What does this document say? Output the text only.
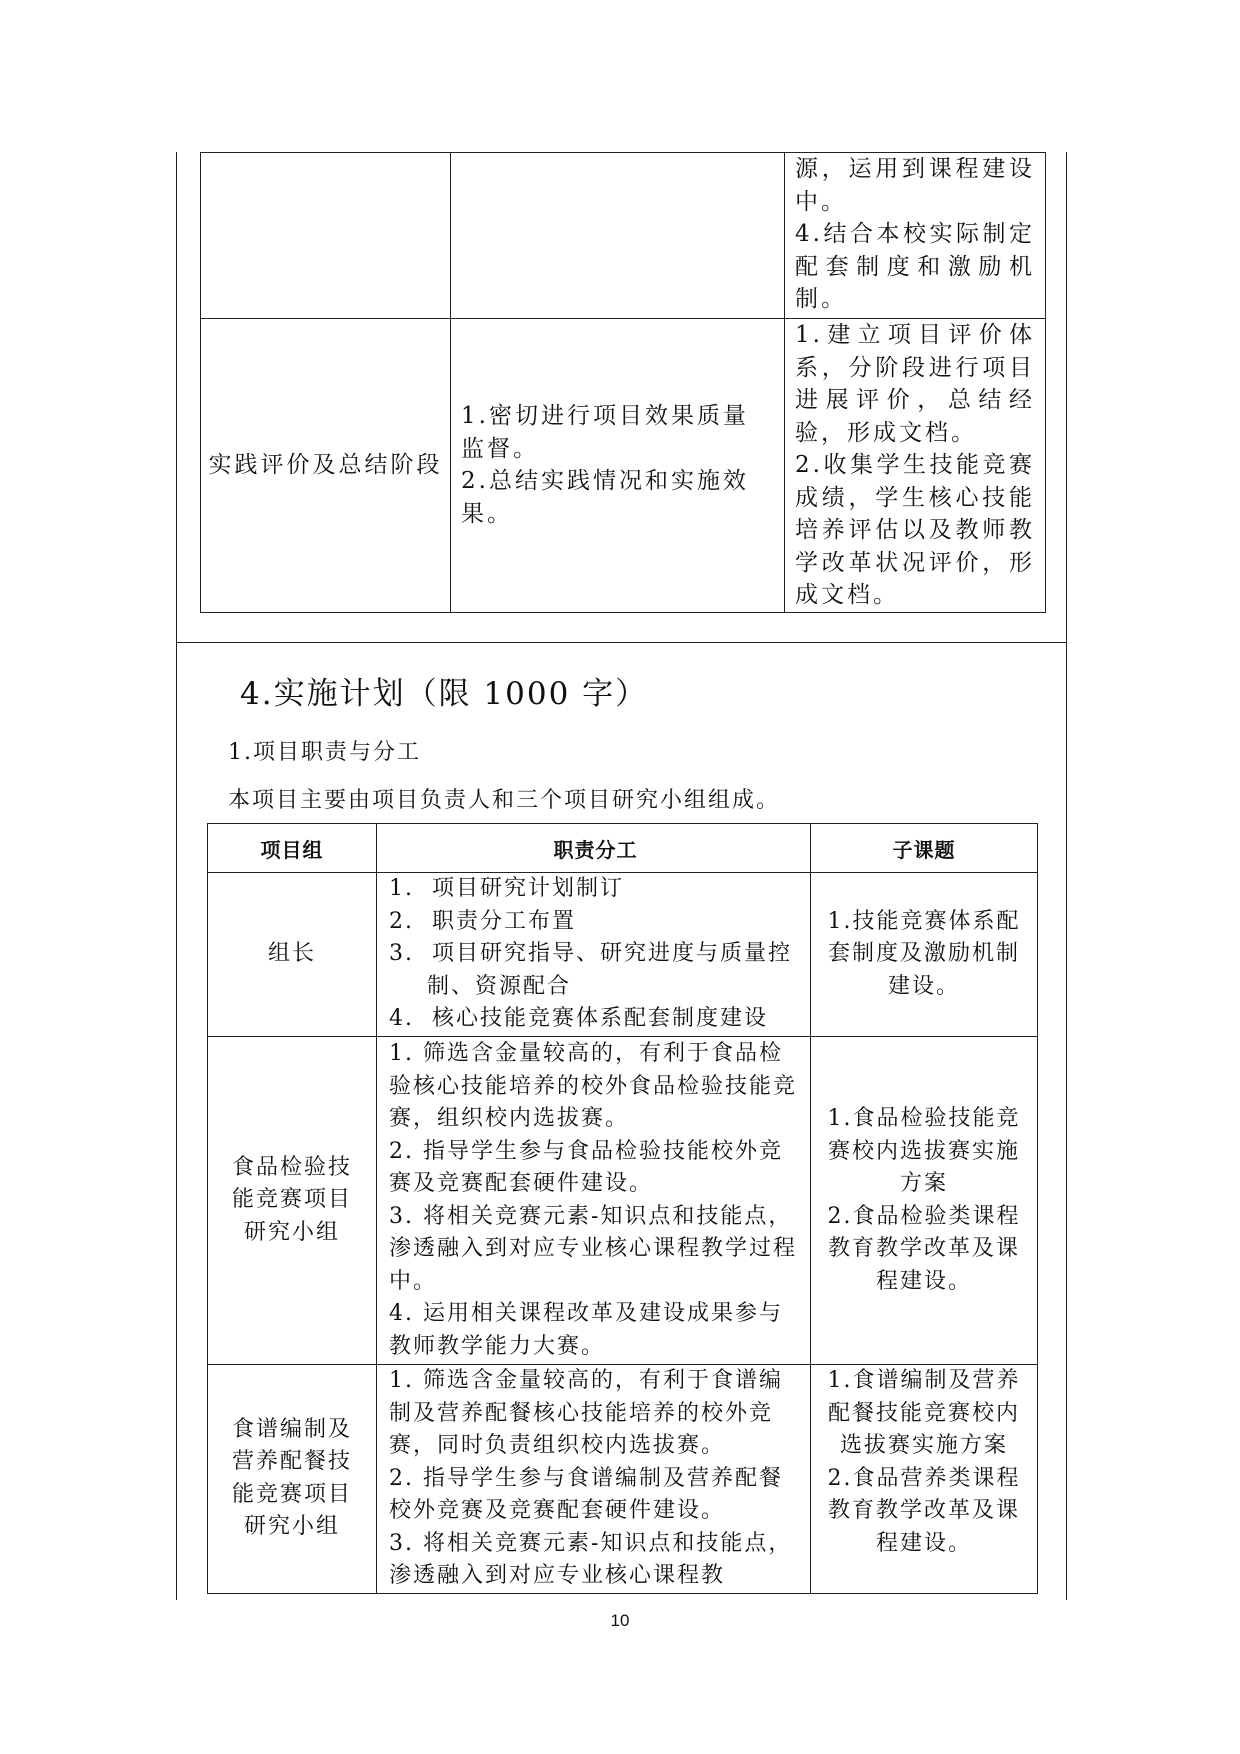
		源，运用到课程建设中。
4.结合本校实际制定配套制度和激励机制。

实践评价及总结阶段	1.密切进行项目效果质量监督。
2.总结实践情况和实施效果。	1.建立项目评价体系，分阶段进行项目进展评价，总结经验，形成文档。
2.收集学生技能竞赛成绩，学生核心技能培养评估以及教师教学改革状况评价，形成文档。
4.实施计划（限 1000 字）

1.项目职责与分工

本项目主要由项目负责人和三个项目研究小组组成。

项目组	职责分工	子课题
组长	1.  项目研究计划制订
2.  职责分工布置
3.  项目研究指导、研究进度与质量控制、资源配合
4.  核心技能竞赛体系配套制度建设	1.技能竞赛体系配套制度及激励机制建设。

食品检验技能竞赛项目研究小组	1. 筛选含金量较高的，有利于食品检验核心技能培养的校外食品检验技能竞赛，组织校内选拔赛。
2. 指导学生参与食品检验技能校外竞赛及竞赛配套硬件建设。
3. 将相关竞赛元素-知识点和技能点，渗透融入到对应专业核心课程教学过程中。
4. 运用相关课程改革及建设成果参与教师教学能力大赛。	1.食品检验技能竞赛校内选拔赛实施方案
2.食品检验类课程教育教学改革及课程建设。

食谱编制及营养配餐技能竞赛项目研究小组	1. 筛选含金量较高的，有利于食谱编制及营养配餐核心技能培养的校外竞赛，同时负责组织校内选拔赛。
2. 指导学生参与食谱编制及营养配餐校外竞赛及竞赛配套硬件建设。
3. 将相关竞赛元素-知识点和技能点，渗透融入到对应专业核心课程教	1.食谱编制及营养配餐技能竞赛校内选拔赛实施方案
2.食品营养类课程教育教学改革及课程建设。
10
